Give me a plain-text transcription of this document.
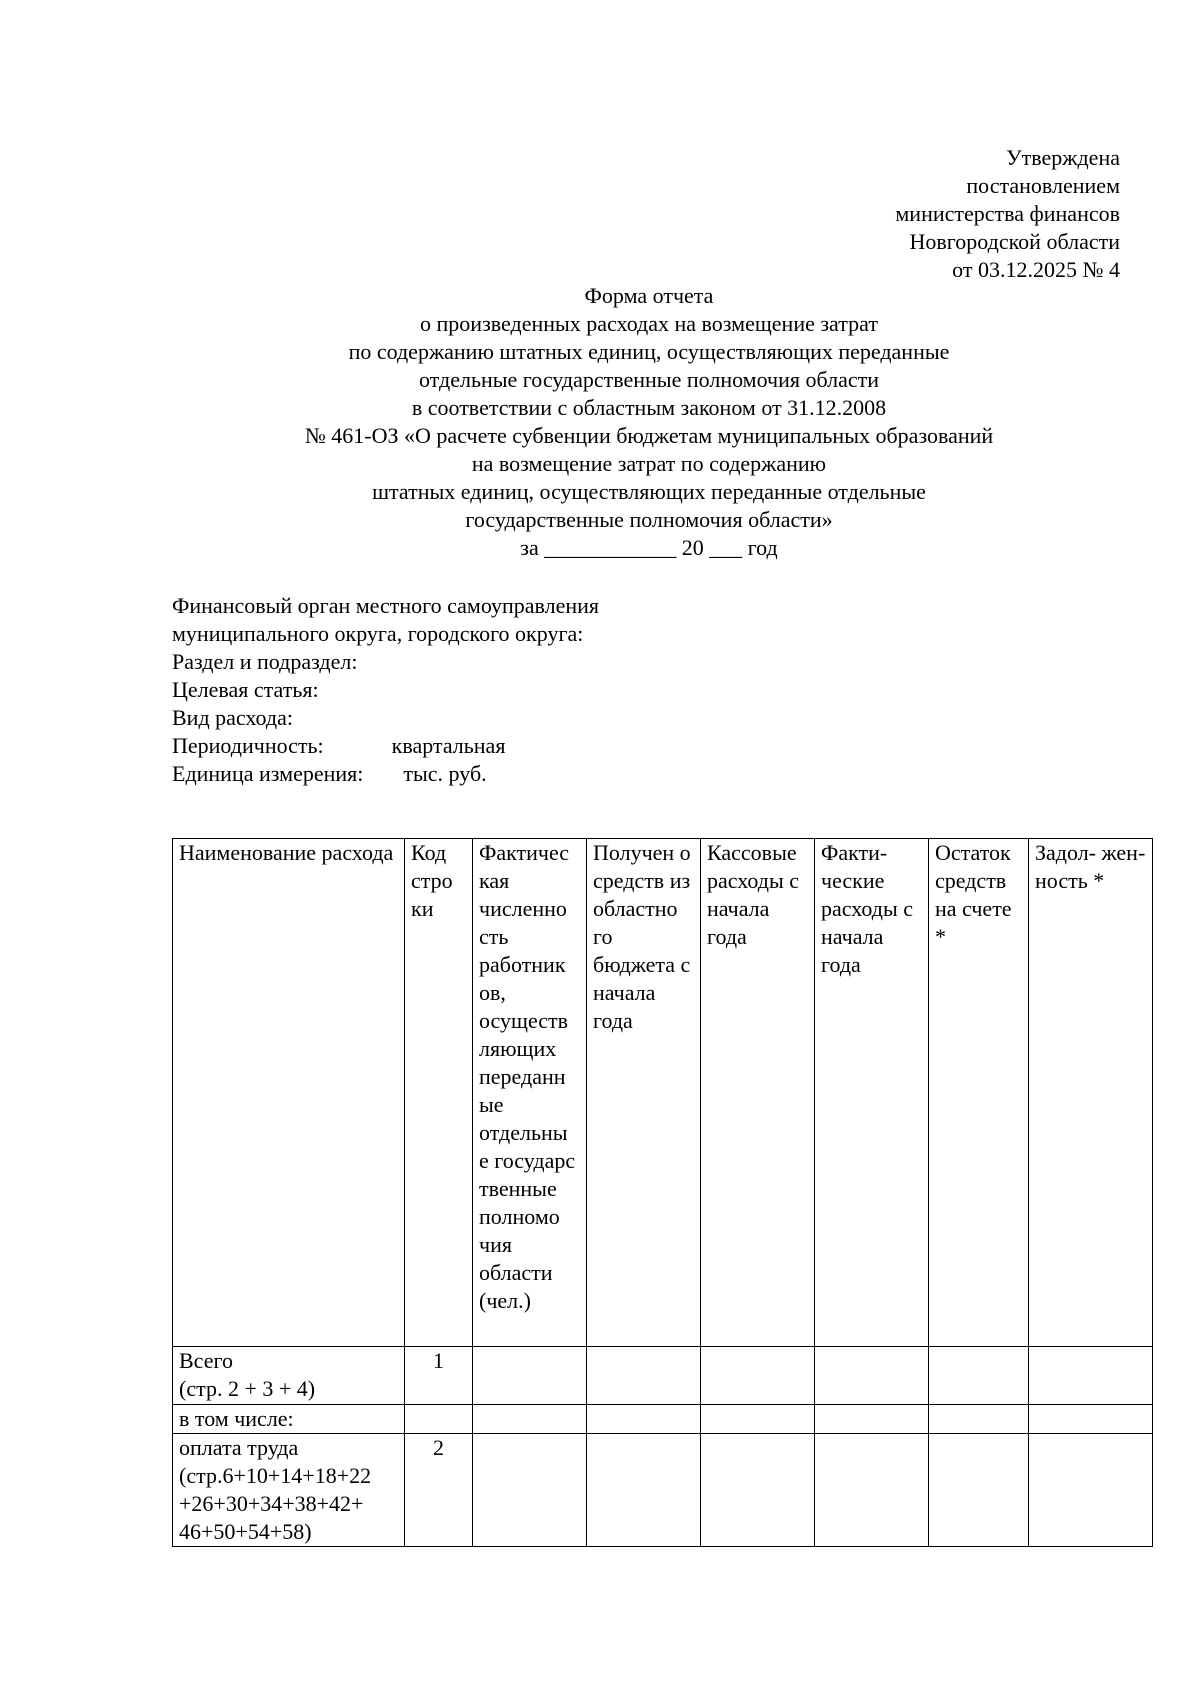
Утверждена
постановлением
министерства финансов
Новгородской области
от 03.12.2025 № 4
Форма отчета
о произведенных расходах на возмещение затрат
по содержанию штатных единиц, осуществляющих переданные
отдельные государственные полномочия области
в соответствии с областным законом от 31.12.2008
№ 461-ОЗ «О расчете субвенции бюджетам муниципальных образований
на возмещение затрат по содержанию
штатных единиц, осуществляющих переданные отдельные
государственные полномочия области»
за ____________ 20 ___ год
Финансовый орган местного самоуправления
муниципального округа, городского округа:
Раздел и подраздел:
Целевая статья:
Вид расхода:
Периодичность:	квартальная
Единица измерения: тыс. руб.
Наименование расхода	Код стро ки	Фактичес кая численно сть работник ов, осуществ ляющих переданн ые отдельны е государс твенные полномо чия области (чел.)	Получен о средств из областно го бюджета с начала года	Кассовые расходы с начала года	Факти- ческие расходы с начала года	Остаток средств на счете *	Задол- жен- ность *

Всего
(стр. 2 + 3 + 4)	1						

в том числе:							

оплата труда
(стр.6+10+14+18+22
+26+30+34+38+42+
46+50+54+58)	2						
